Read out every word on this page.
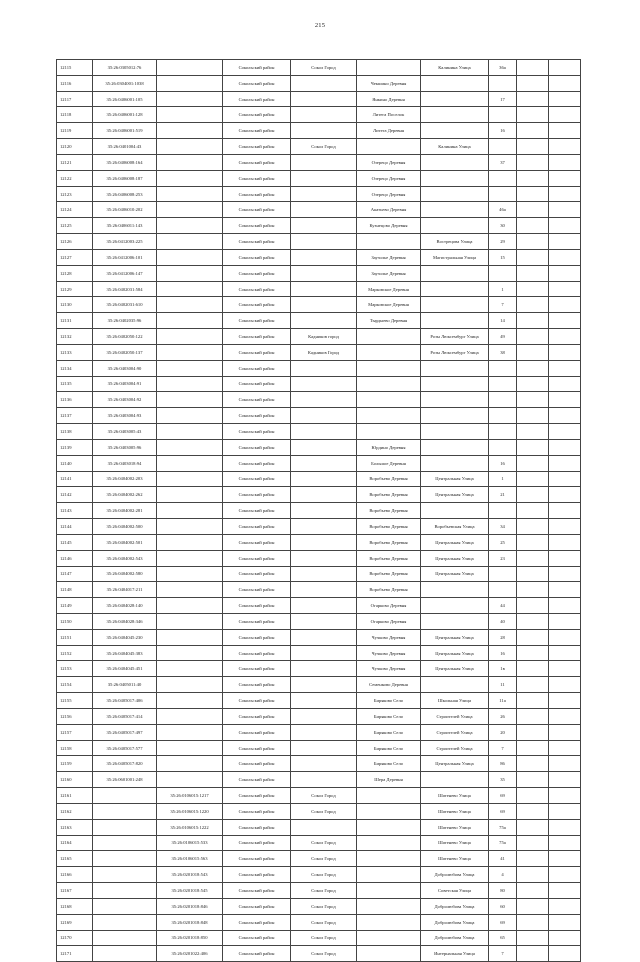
215
12115	35:26:0305012:76		Сокольский район	Сокол Город		Калинина Улица	36а		
12116	35:26:0304001:1038		Сокольский район		Чекшино Деревня				
12117	35:26:0406001:105		Сокольский район		Янкино Деревня		17		
12118	35:26:0406001:128		Сокольский район		Литега Поселок				
12119	35:26:0406001:519		Сокольский район		Литега Деревня		16		
12120	35:26:0401004:43		Сокольский район	Сокол Город		Калинина Улица			
12121	35:26:0406008:164		Сокольский район		Озерецо Деревня		37		
12122	35:26:0406008:187		Сокольский район		Озерецо Деревня				
12123	35:26:0406008:253		Сокольский район		Озерецо Деревня				
12124	35:26:0406010:202		Сокольский район		Акатьево Деревня		46а		
12125	35:26:0406011:143		Сокольский район		Кузнецово Деревня		30		
12126	35:26:0412003:225		Сокольский район			Вострецова Улица	29		
12127	35:26:0412006:101		Сокольский район		Заузолье Деревня	Магистральная Улица	15		
12128	35:26:0412006:147		Сокольский район		Заузолье Деревня				
12129	35:26:0402031:584		Сокольский район		Марковское Деревня		1		
12130	35:26:0402031:610		Сокольский район		Марковское Деревня		7		
12131	35:26:0402035:96		Сокольский район		Тырдыево Деревня		14		
12132	35:26:0402050:122		Сокольский район	Кадников город		Розы Люксембург Улица	49		
12133	35:26:0402050:137		Сокольский район	Кадников Город		Розы Люксембург Улица	38		
12134	35:26:0403004:90		Сокольский район						
12135	35:26:0403004:91		Сокольский район						
12136	35:26:0403004:92		Сокольский район						
12137	35:26:0403004:93		Сокольский район						
12138	35:26:0403005:43		Сокольский район						
12139	35:26:0403005:96		Сокольский район		Юрдино Деревня				
12140	35:26:0403018:94		Сокольский район		Большое Деревня		16		
12141	35:26:0404002:203		Сокольский район		Воробьево Деревня	Центральная Улица	1		
12142	35:26:0404002:262		Сокольский район		Воробьево Деревня	Центральная Улица	21		
12143	35:26:0404002:281		Сокольский район		Воробьево Деревня				
12144	35:26:0404002:500		Сокольский район		Воробьево Деревня	Воробьевская Улица	34		
12145	35:26:0404002:501		Сокольский район		Воробьево Деревня	Центральная Улица	25		
12146	35:26:0404002:543		Сокольский район		Воробьево Деревня	Центральная Улица	23		
12147	35:26:0404002:580		Сокольский район		Воробьево Деревня	Центральная Улица			
12148	35:26:0404017:211		Сокольский район		Воробьево Деревня				
12149	35:26:0404028:140		Сокольский район		Огарково Деревня		44		
12150	35:26:0404028:346		Сокольский район		Огарково Деревня		40		
12151	35:26:0404045:230		Сокольский район		Чучково Деревня	Центральная Улица	28		
12152	35:26:0404045:383		Сокольский район		Чучково Деревня	Центральная Улица	16		
12153	35:26:0404045:451		Сокольский район		Чучково Деревня	Центральная Улица	1в		
12154	35:26:0405011:40		Сокольский район		Семенково Деревня		11		
12155	35:26:0405017:406		Сокольский район		Биряково Село	Школьная Улица	11а		
12156	35:26:0405017:414		Сокольский район		Биряково Село	Строителей Улица	26		
12157	35:26:0405017:497		Сокольский район		Биряково Село	Строителей Улица	20		
12158	35:26:0405017:577		Сокольский район		Биряково Село	Строителей Улица	7		
12159	35:26:0405017:820		Сокольский район		Биряково Село	Центральная Улица	86		
12160	35:26:0601001:248		Сокольский район		Шера Деревня		35		
12161		35:26:0106015:1217	Сокольский район	Сокол Город		Шатенево Улица	69		
12162		35:26:0106015:1220	Сокольский район	Сокол Город		Шатенево Улица	69		
12163		35:26:0106015:1222	Сокольский район			Шатенево Улица	75а		
12164		35:26:0106015:533	Сокольский район	Сокол Город		Шатенево Улица	75а		
12165		35:26:0106015:563	Сокольский район	Сокол Город		Шатенево Улица	41		
12166		35:26:0201018:543	Сокольский район	Сокол Город		Добролюбова Улица	4		
12167		35:26:0201018:545	Сокольский район	Сокол Город		Советская Улица	80		
12168		35:26:0201018:846	Сокольский район	Сокол Город		Добролюбова Улица	60		
12169		35:26:0201018:848	Сокольский район	Сокол Город		Добролюбова Улица	69		
12170		35:26:0201018:850	Сокольский район	Сокол Город		Добролюбова Улица	65		
12171		35:26:0201022:406	Сокольский район	Сокол Город		Интернальная Улица	7		
